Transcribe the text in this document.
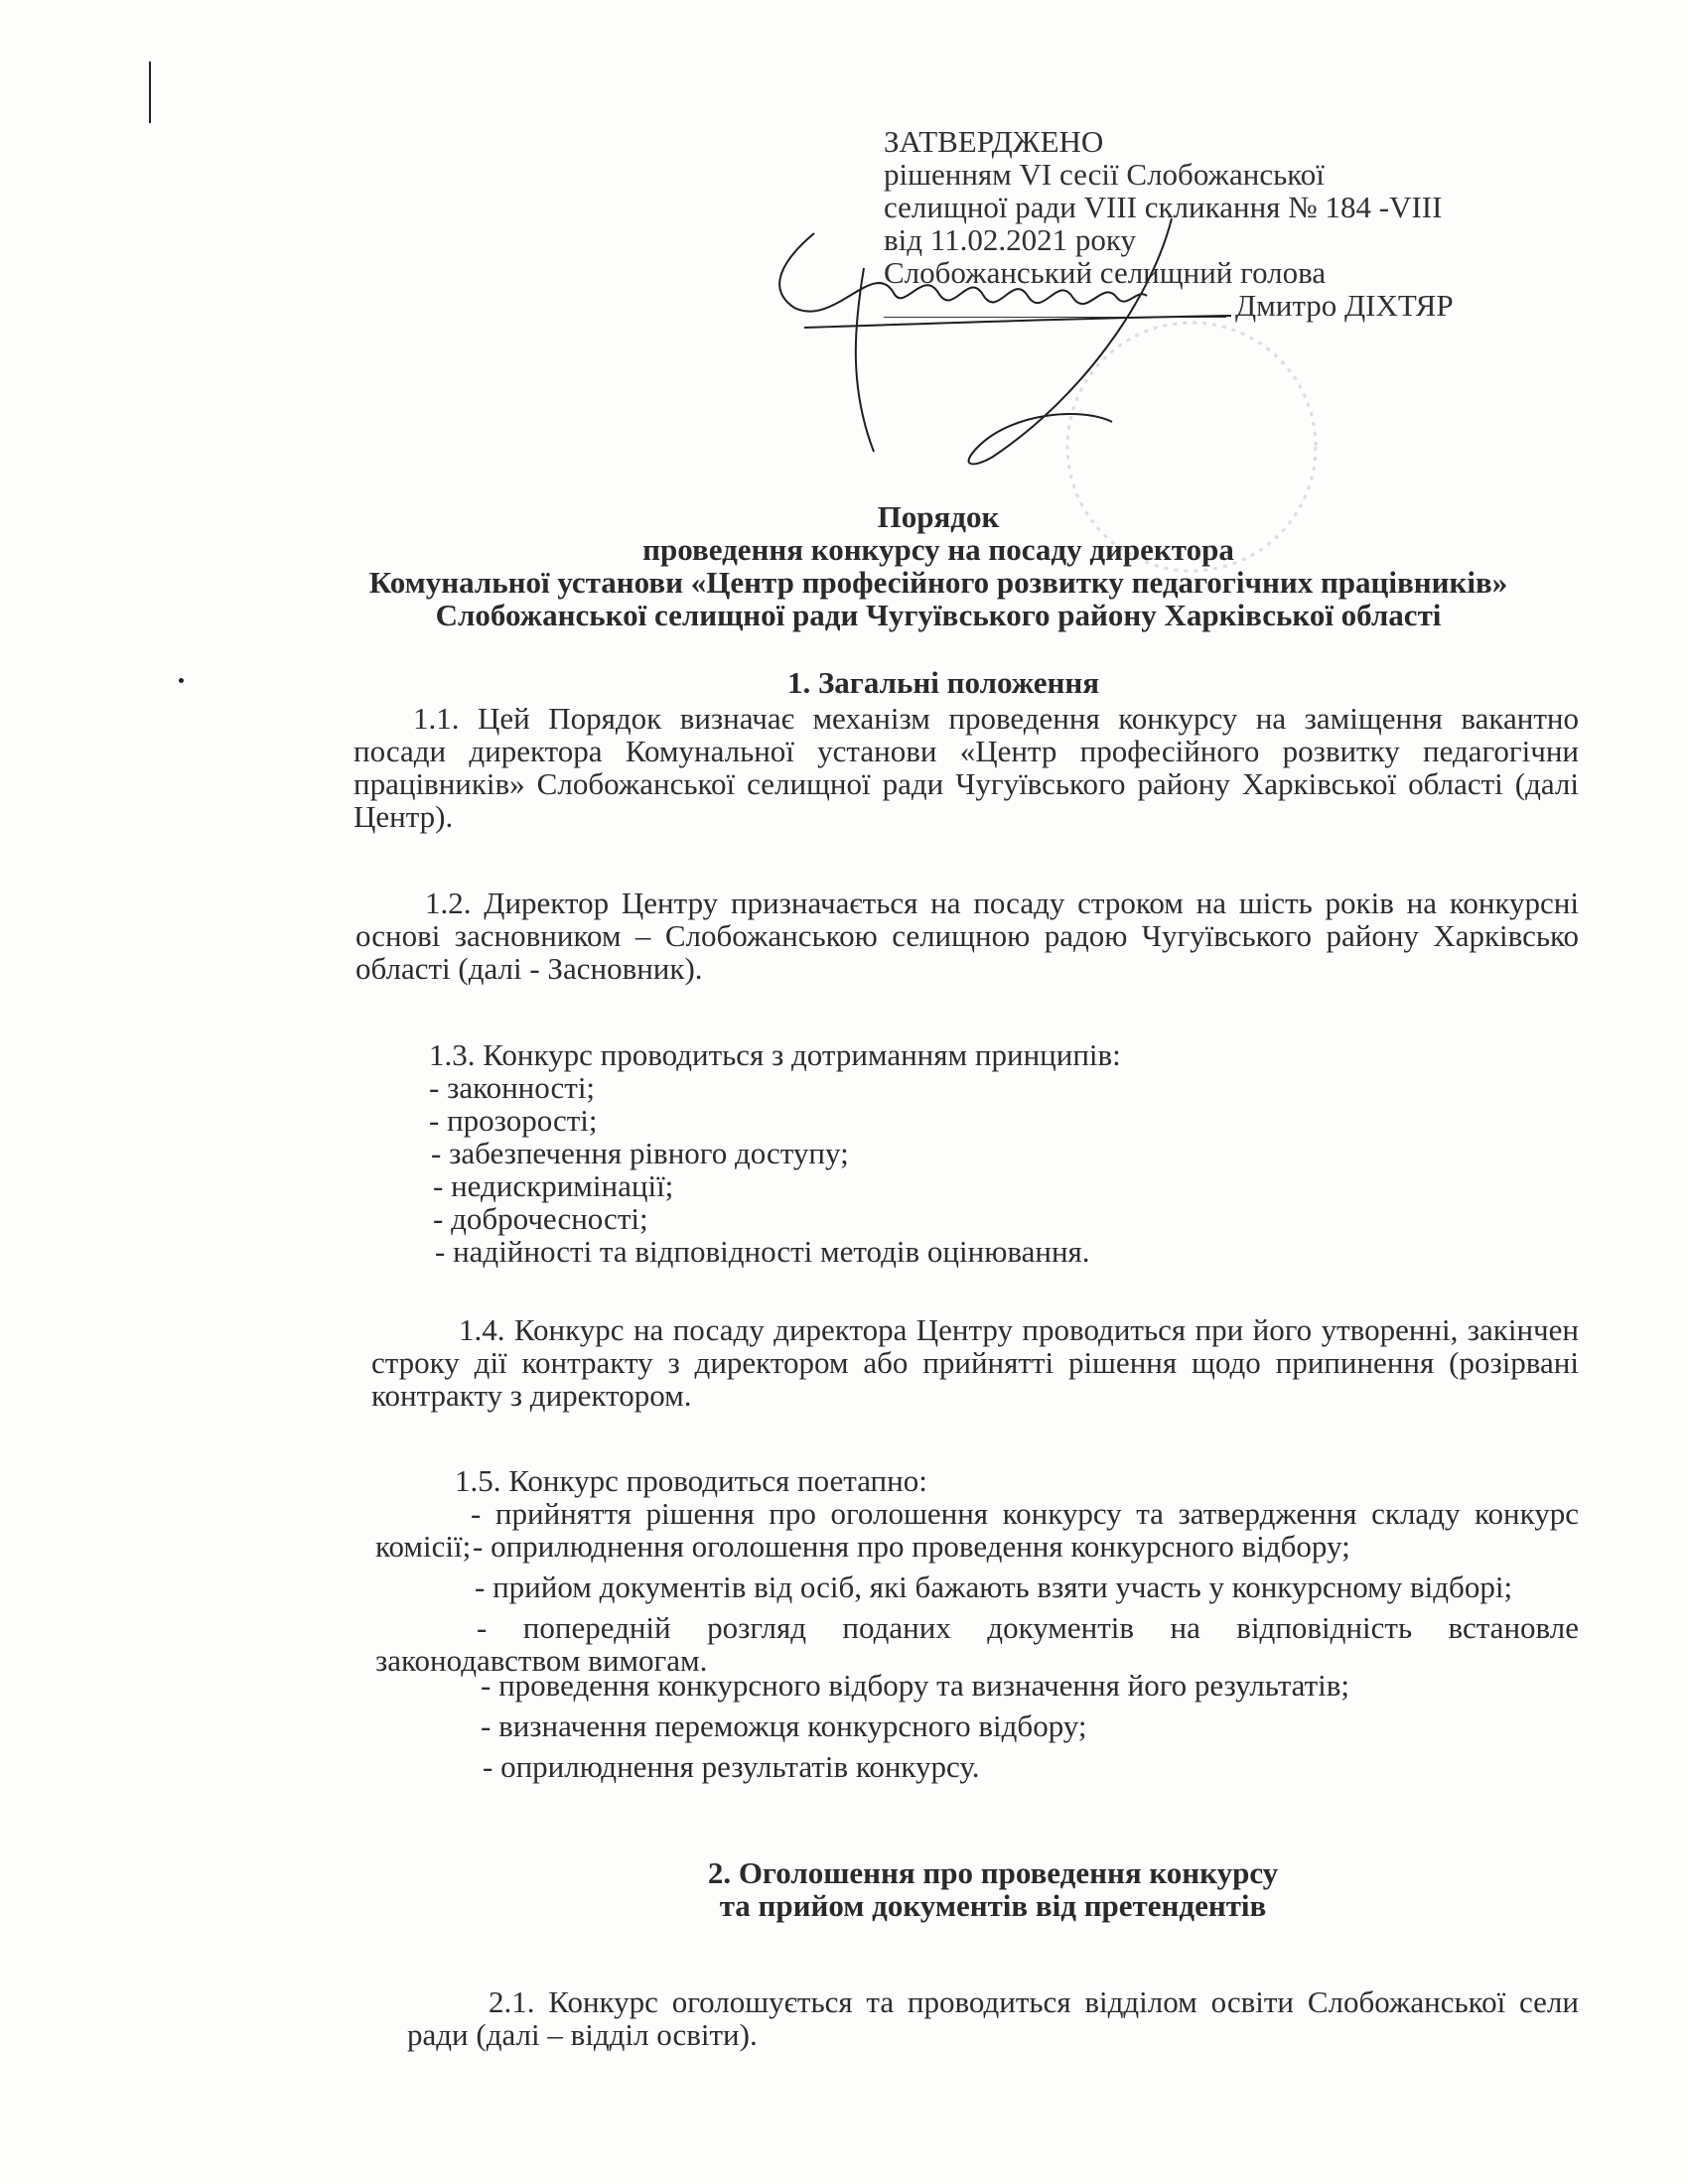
ЗАТВЕРДЖЕНО
рішенням VI сесії Слобожанської
селищної ради VIII скликання № 184 -VIII
від 11.02.2021 року
Слобожанський селищний голова
Дмитро ДІХТЯР
Порядок
проведення конкурсу на посаду директора
Комунальної установи «Центр професійного розвитку педагогічних працівників»
Слобожанської селищної ради Чугуївського району Харківської області
1. Загальні положення
1.1. Цей Порядок визначає механізм проведення конкурсу на заміщення вакантно
посади директора Комунальної установи «Центр професійного розвитку педагогічни
працівників» Слобожанської селищної ради Чугуївського району Харківської області (далі
Центр).
1.2. Директор Центру призначається на посаду строком на шість років на конкурсні
основі засновником – Слобожанською селищною радою Чугуївського району Харківсько
області (далі - Засновник).
1.3. Конкурс проводиться з дотриманням принципів:
- законності;
- прозорості;
- забезпечення рівного доступу;
- недискримінації;
- доброчесності;
- надійності та відповідності методів оцінювання.
1.4. Конкурс на посаду директора Центру проводиться при його утворенні, закінчен
строку дії контракту з директором або прийнятті рішення щодо припинення (розірвані
контракту з директором.
1.5. Конкурс проводиться поетапно:
- прийняття рішення про оголошення конкурсу та затвердження складу конкурс
комісії; - оприлюднення оголошення про проведення конкурсного відбору;
- прийом документів від осіб, які бажають взяти участь у конкурсному відборі;
- попередній розгляд поданих документів на відповідність встановле
законодавством вимогам.
- проведення конкурсного відбору та визначення його результатів;
- визначення переможця конкурсного відбору;
- оприлюднення результатів конкурсу.
2. Оголошення про проведення конкурсу
та прийом документів від претендентів
2.1. Конкурс оголошується та проводиться відділом освіти Слобожанської сели
ради (далі – відділ освіти).
